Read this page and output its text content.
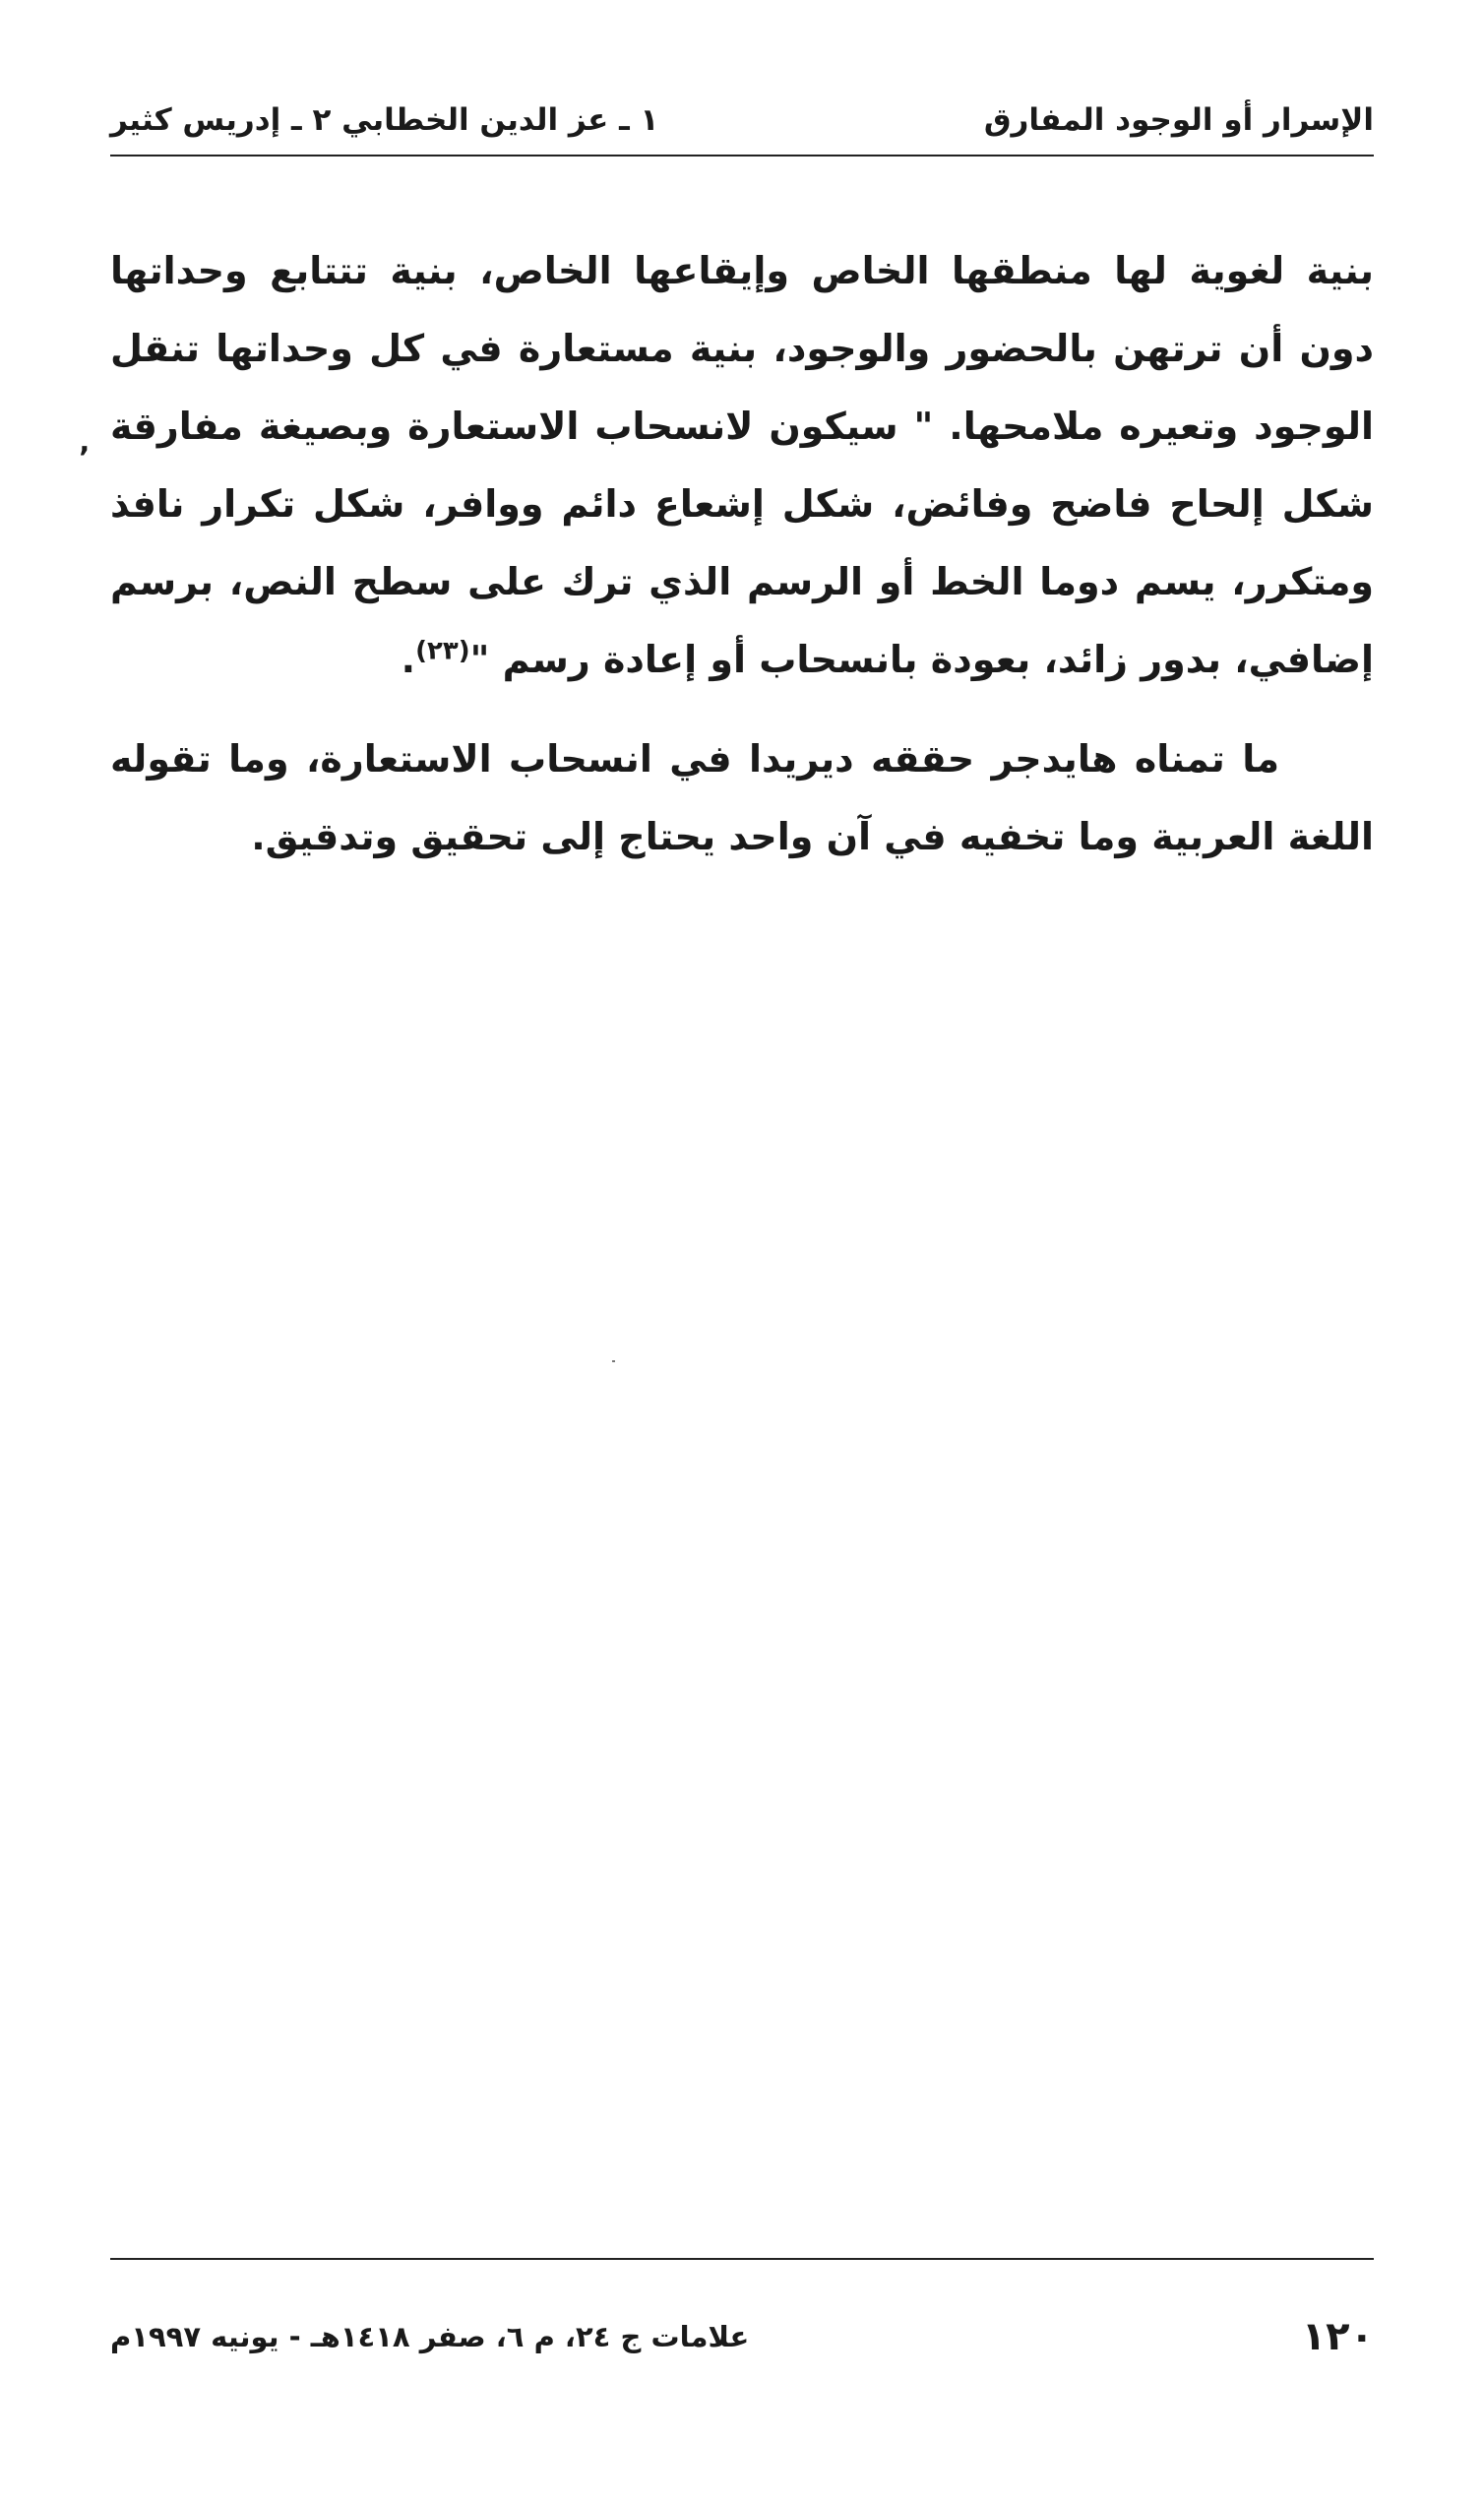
الإسرار أو الوجود المفارق
١ ـ عز الدين الخطابي ٢ ـ إدريس كثير

بنية لغوية لها منطقها الخاص وإيقاعها الخاص، بنية تتتابع وحداتها دون أن ترتهن بالحضور والوجود، بنية مستعارة في كل وحداتها تنقل الوجود وتعيره ملامحها. " سيكون لانسحاب الاستعارة وبصيغة مفارقة شكل إلحاح فاضح وفائض، شكل إشعاع دائم ووافر، شكل تكرار نافذ ومتكرر، يسم دوما الخط أو الرسم الذي ترك على سطح النص، برسم إضافي، بدور زائد، بعودة بانسحاب أو إعادة رسم "$^{(٢٣)}$.

ما تمناه هايدجر حققه ديريدا في انسحاب الاستعارة، وما تقوله اللغة العربية وما تخفيه في آن واحد يحتاج إلى تحقيق وتدقيق.

٬
١٢٠
علامات ج ٢٤، م ٦، صفر ١٤١٨هـ - يونيه ١٩٩٧م
